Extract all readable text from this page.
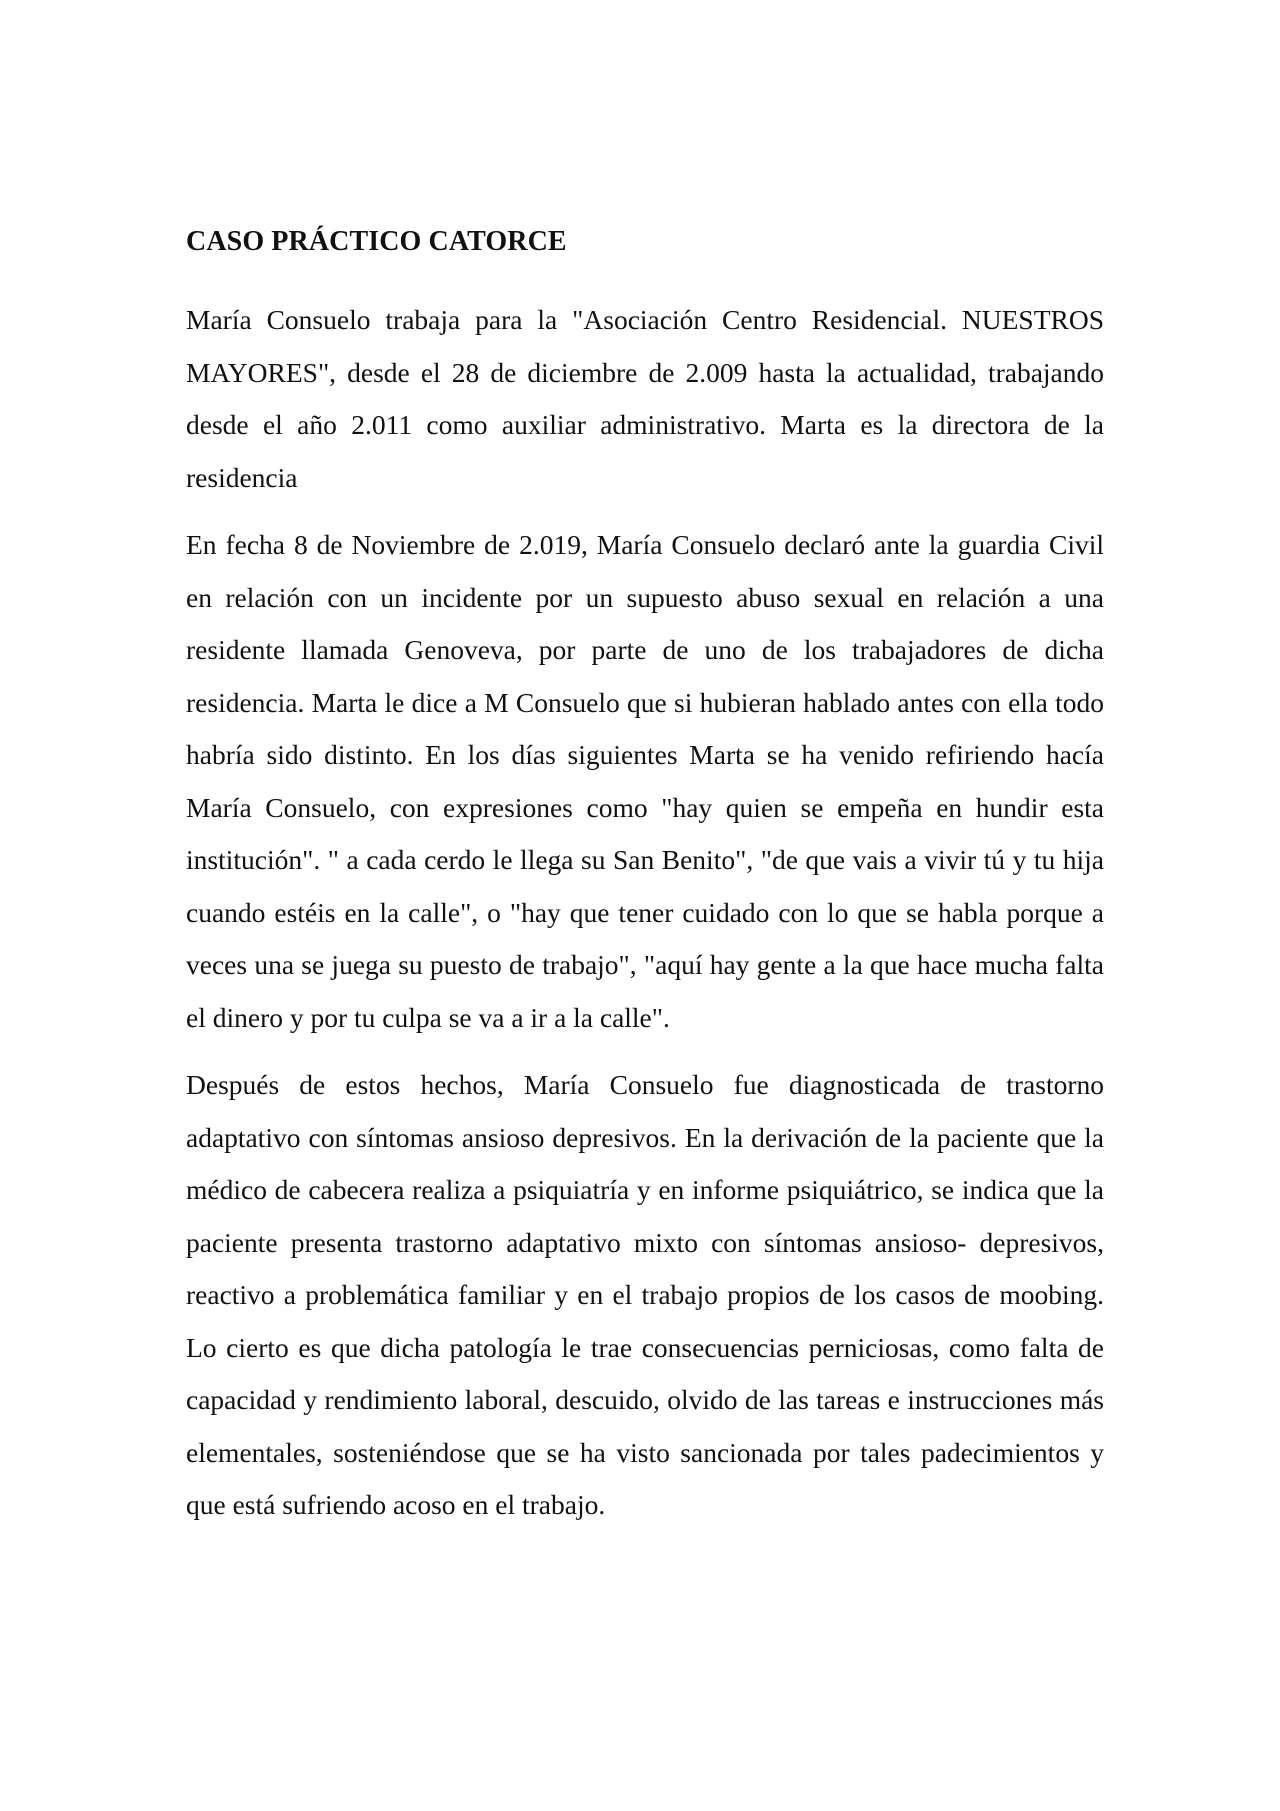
CASO PRÁCTICO CATORCE

María Consuelo trabaja para la "Asociación Centro Residencial. NUESTROS MAYORES", desde el 28 de diciembre de 2.009 hasta la actualidad, trabajando desde el año 2.011 como auxiliar administrativo. Marta es la directora de la residencia

En fecha 8 de Noviembre de 2.019, María Consuelo declaró ante la guardia Civil en relación con un incidente por un supuesto abuso sexual en relación a una residente llamada Genoveva, por parte de uno de los trabajadores de dicha residencia. Marta le dice a M Consuelo que si hubieran hablado antes con ella todo habría sido distinto. En los días siguientes Marta se ha venido refiriendo hacía María Consuelo, con expresiones como "hay quien se empeña en hundir esta institución". " a cada cerdo le llega su San Benito", "de que vais a vivir tú y tu hija cuando estéis en la calle", o "hay que tener cuidado con lo que se habla porque a veces una se juega su puesto de trabajo", "aquí hay gente a la que hace mucha falta el dinero y por tu culpa se va a ir a la calle".

Después de estos hechos, María Consuelo fue diagnosticada de trastorno adaptativo con síntomas ansioso depresivos. En la derivación de la paciente que la médico de cabecera realiza a psiquiatría y en informe psiquiátrico, se indica que la paciente presenta trastorno adaptativo mixto con síntomas ansioso- depresivos, reactivo a problemática familiar y en el trabajo propios de los casos de moobing. Lo cierto es que dicha patología le trae consecuencias perniciosas, como falta de capacidad y rendimiento laboral, descuido, olvido de las tareas e instrucciones más elementales, sosteniéndose que se ha visto sancionada por tales padecimientos y que está sufriendo acoso en el trabajo.
